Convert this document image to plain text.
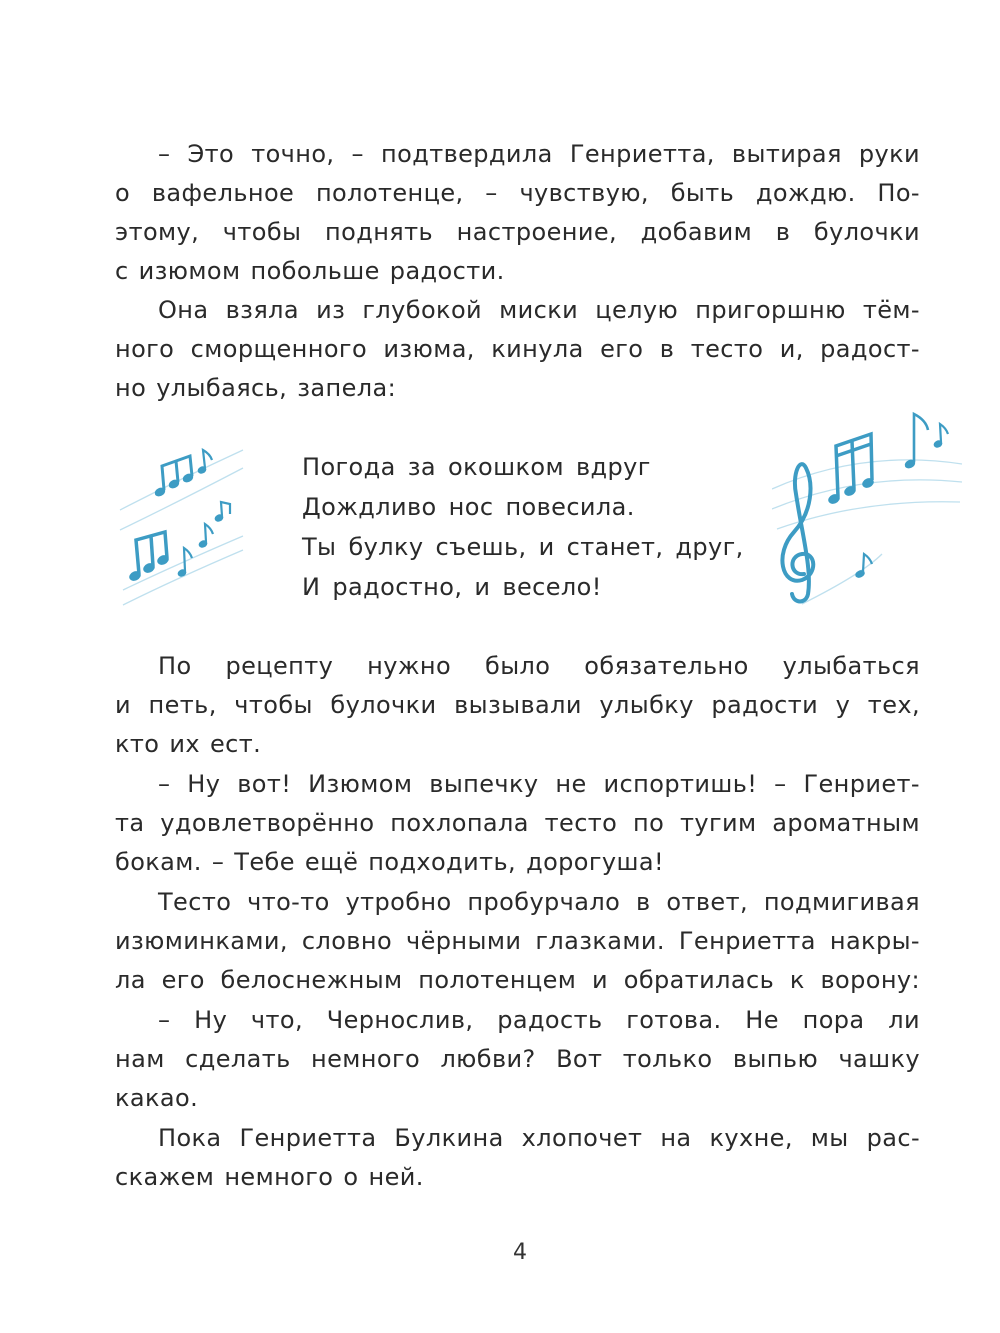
– Это точно, – подтвердила Генриетта, вытирая руки
о вафельное полотенце, – чувствую, быть дождю. По-
этому, чтобы поднять настроение, добавим в булочки
с изюмом побольше радости.
Она взяла из глубокой миски целую пригоршню тём-
ного сморщенного изюма, кинула его в тесто и, радост-
но улыбаясь, запела:
Погода за окошком вдруг
Дождливо нос повесила.
Ты булку съешь, и станет, друг,
И радостно, и весело!
По рецепту нужно было обязательно улыбаться
и петь, чтобы булочки вызывали улыбку радости у тех,
кто их ест.
– Ну вот! Изюмом выпечку не испортишь! – Генриет-
та удовлетворённо похлопала тесто по тугим ароматным
бокам. – Тебе ещё подходить, дорогуша!
Тесто что-то утробно пробурчало в ответ, подмигивая
изюминками, словно чёрными глазками. Генриетта накры-
ла его белоснежным полотенцем и обратилась к ворону:
– Ну что, Чернослив, радость готова. Не пора ли
нам сделать немного любви? Вот только выпью чашку
какао.
Пока Генриетта Булкина хлопочет на кухне, мы рас-
скажем немного о ней.
4
